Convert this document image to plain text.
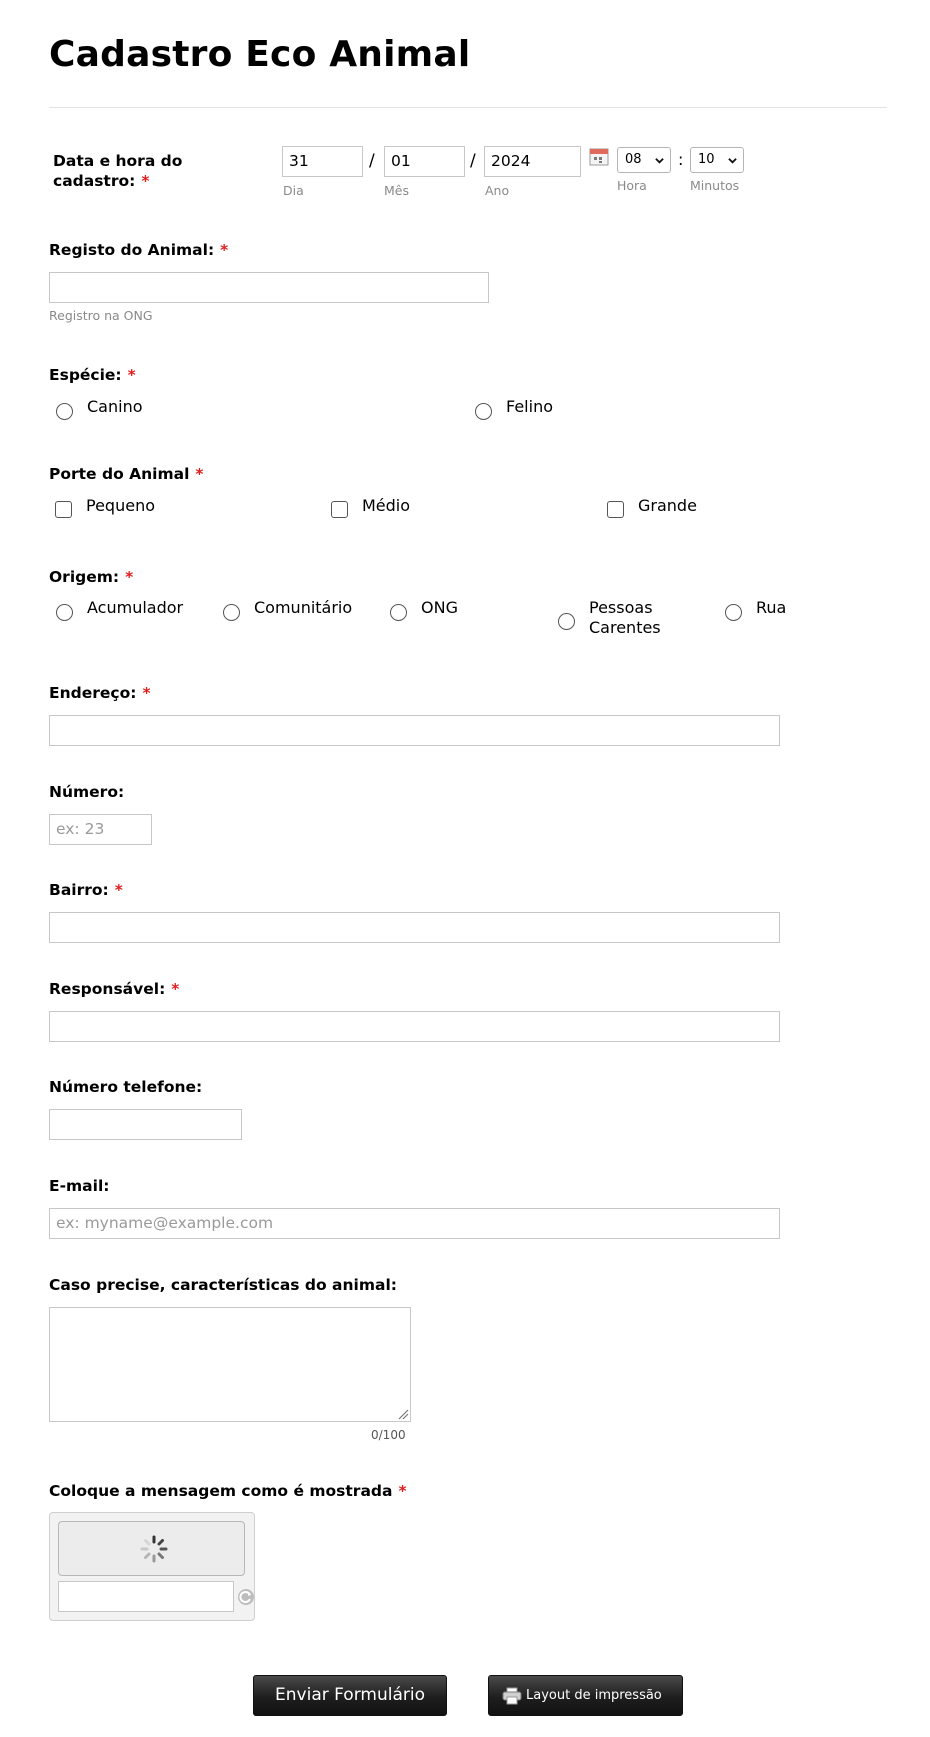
Cadastro Eco Animal
Data e hora do
cadastro: *
31	/	01	/ 2024	08	:	10
Dia	Mês	Ano	Hora	Minutos
Registo do Animal: *
Registro na ONG
Espécie: *
Canino	Felino
Porte do Animal *
Pequeno	Médio	Grande
Origem: *
Acumulador	Comunitário	ONG	Pessoas
Carentes
Rua
Endereço: *
Número:
ex: 23
Bairro: *
Responsável: *
Número telefone:
E-mail:
ex: myname@example.com
Caso precise, características do animal:
0/100
Coloque a mensagem como é mostrada *
Enviar Formulário	Layout de impressão
